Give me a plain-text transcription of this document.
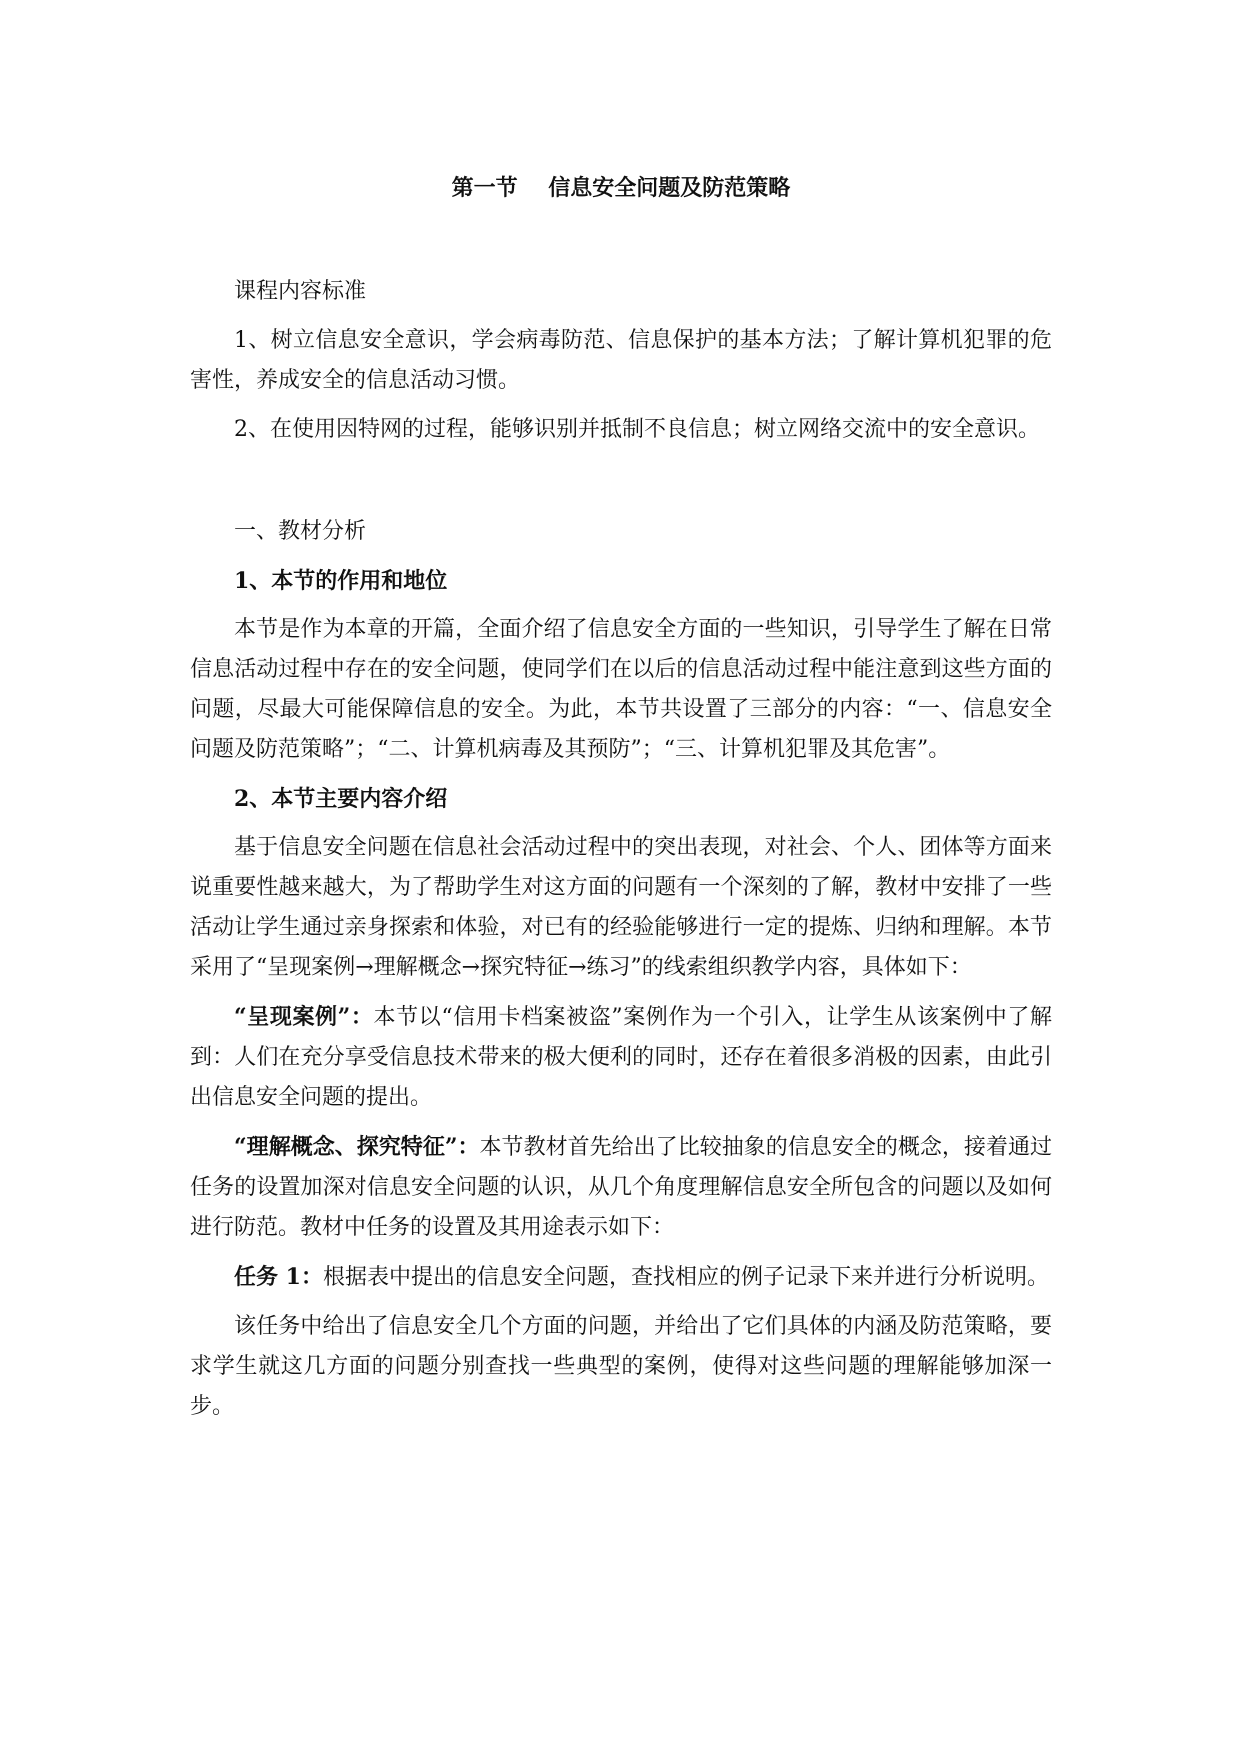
第一节    信息安全问题及防范策略

课程内容标准

1、树立信息安全意识，学会病毒防范、信息保护的基本方法；了解计算机犯罪的危害性，养成安全的信息活动习惯。

2、在使用因特网的过程，能够识别并抵制不良信息；树立网络交流中的安全意识。

一、教材分析

1、本节的作用和地位

本节是作为本章的开篇，全面介绍了信息安全方面的一些知识，引导学生了解在日常信息活动过程中存在的安全问题，使同学们在以后的信息活动过程中能注意到这些方面的问题，尽最大可能保障信息的安全。为此，本节共设置了三部分的内容：“一、信息安全问题及防范策略”；“二、计算机病毒及其预防”；“三、计算机犯罪及其危害”。

2、本节主要内容介绍

基于信息安全问题在信息社会活动过程中的突出表现，对社会、个人、团体等方面来说重要性越来越大，为了帮助学生对这方面的问题有一个深刻的了解，教材中安排了一些活动让学生通过亲身探索和体验，对已有的经验能够进行一定的提炼、归纳和理解。本节采用了“呈现案例→理解概念→探究特征→练习”的线索组织教学内容，具体如下：

“呈现案例”：本节以“信用卡档案被盗”案例作为一个引入，让学生从该案例中了解到：人们在充分享受信息技术带来的极大便利的同时，还存在着很多消极的因素，由此引出信息安全问题的提出。

“理解概念、探究特征”：本节教材首先给出了比较抽象的信息安全的概念，接着通过任务的设置加深对信息安全问题的认识，从几个角度理解信息安全所包含的问题以及如何进行防范。教材中任务的设置及其用途表示如下：

任务 1：根据表中提出的信息安全问题，查找相应的例子记录下来并进行分析说明。

该任务中给出了信息安全几个方面的问题，并给出了它们具体的内涵及防范策略，要求学生就这几方面的问题分别查找一些典型的案例，使得对这些问题的理解能够加深一步。
